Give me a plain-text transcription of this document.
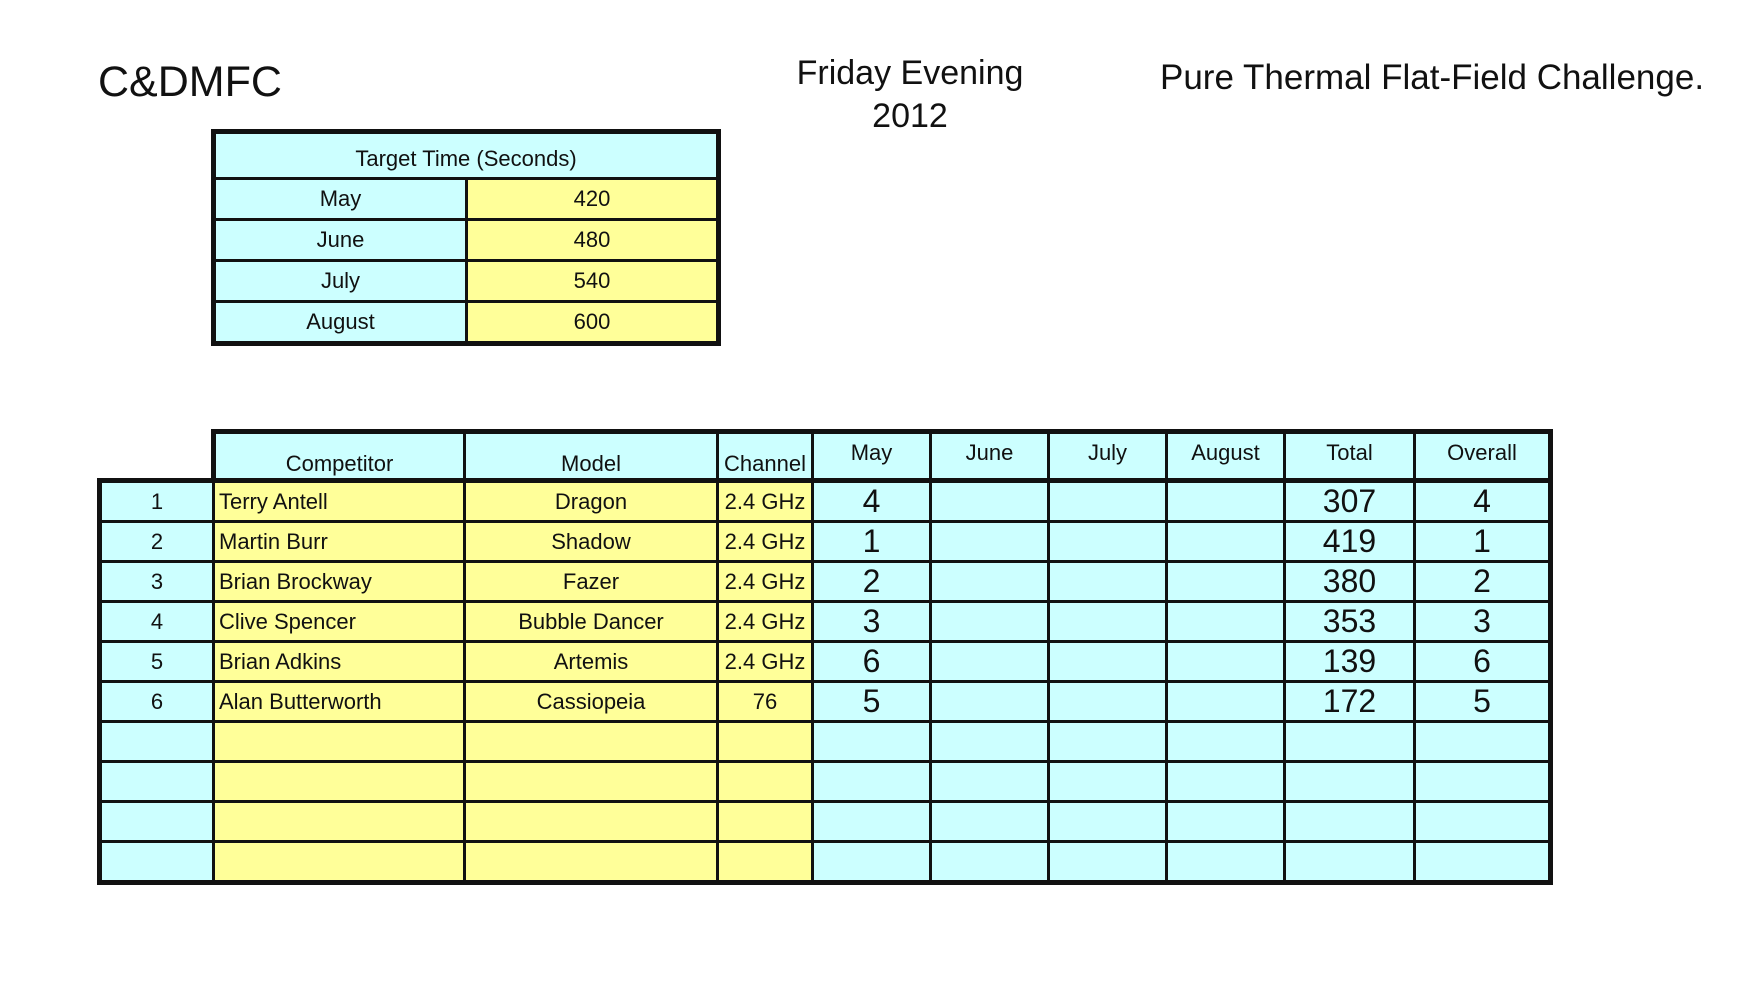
C&DMFC	Friday Evening
2012
Pure Thermal Flat-Field Challenge.
Target Time (Seconds)	
May	420
June	480
July	540
August	600
	Competitor	Model	Channel	May	June	July	August	Total	Overall
1	Terry Antell	Dragon	2.4 GHz	4				307	4
2	Martin Burr	Shadow	2.4 GHz	1				419	1
3	Brian Brockway	Fazer	2.4 GHz	2				380	2
4	Clive Spencer	Bubble Dancer	2.4 GHz	3				353	3
5	Brian Adkins	Artemis	2.4 GHz	6				139	6
6	Alan Butterworth	Cassiopeia	76	5				172	5
